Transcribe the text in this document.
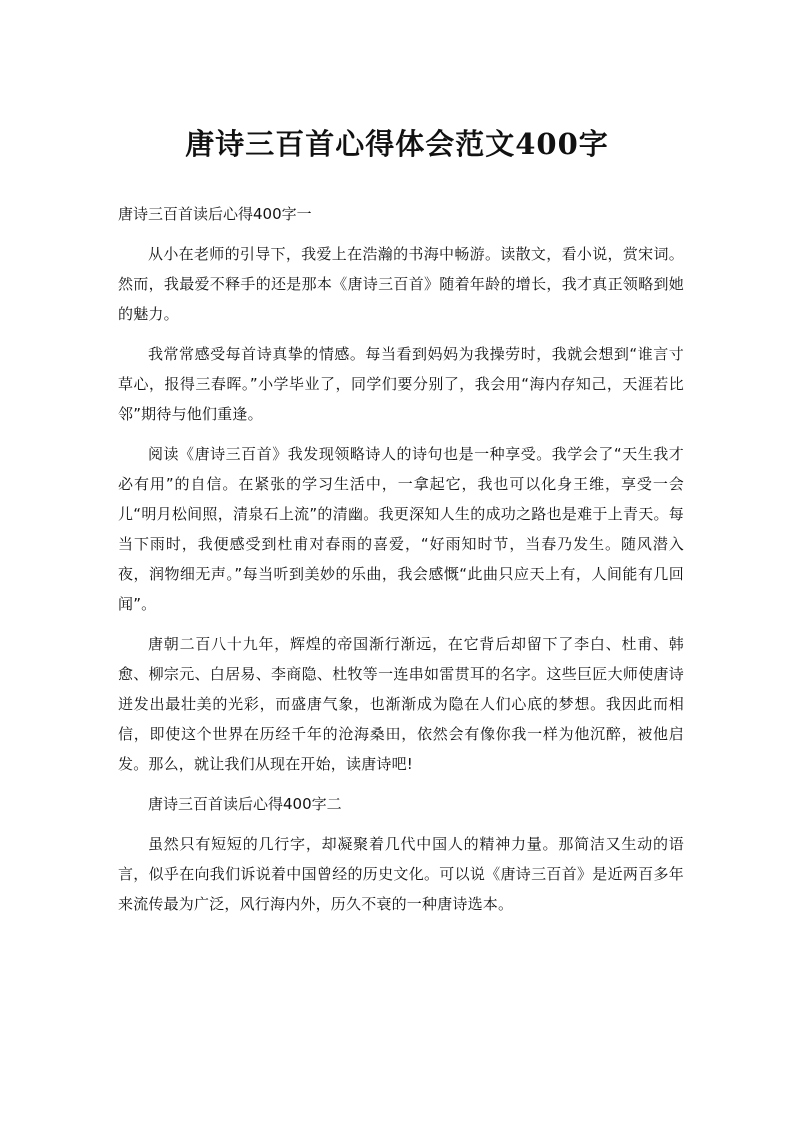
唐诗三百首心得体会范文400字

唐诗三百首读后心得400字一

从小在老师的引导下，我爱上在浩瀚的书海中畅游。读散文，看小说，赏宋词。然而，我最爱不释手的还是那本《唐诗三百首》随着年龄的增长，我才真正领略到她的魅力。

我常常感受每首诗真挚的情感。每当看到妈妈为我操劳时，我就会想到“谁言寸草心，报得三春晖。”小学毕业了，同学们要分别了，我会用“海内存知己，天涯若比邻”期待与他们重逢。

阅读《唐诗三百首》我发现领略诗人的诗句也是一种享受。我学会了“天生我才必有用”的自信。在紧张的学习生活中，一拿起它，我也可以化身王维，享受一会儿“明月松间照，清泉石上流”的清幽。我更深知人生的成功之路也是难于上青天。每当下雨时，我便感受到杜甫对春雨的喜爱，“好雨知时节，当春乃发生。随风潜入夜，润物细无声。”每当听到美妙的乐曲，我会感慨“此曲只应天上有，人间能有几回闻”。

唐朝二百八十九年，辉煌的帝国渐行渐远，在它背后却留下了李白、杜甫、韩愈、柳宗元、白居易、李商隐、杜牧等一连串如雷贯耳的名字。这些巨匠大师使唐诗迸发出最壮美的光彩，而盛唐气象，也渐渐成为隐在人们心底的梦想。我因此而相信，即使这个世界在历经千年的沧海桑田，依然会有像你我一样为他沉醉，被他启发。那么，就让我们从现在开始，读唐诗吧!

唐诗三百首读后心得400字二

虽然只有短短的几行字，却凝聚着几代中国人的精神力量。那简洁又生动的语言，似乎在向我们诉说着中国曾经的历史文化。可以说《唐诗三百首》是近两百多年来流传最为广泛，风行海内外，历久不衰的一种唐诗选本。
